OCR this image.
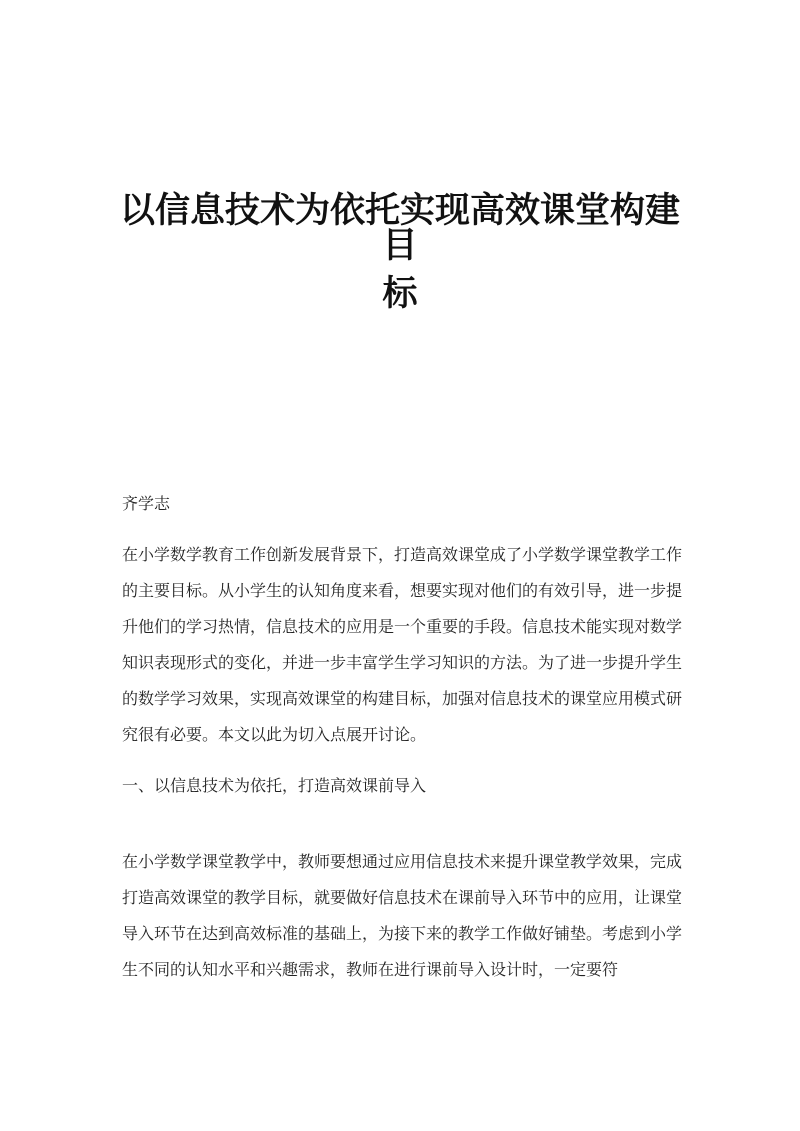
以信息技术为依托实现高效课堂构建目
标
齐学志

在小学数学教育工作创新发展背景下，打造高效课堂成了小学数学课堂教学工作的主要目标。从小学生的认知角度来看，想要实现对他们的有效引导，进一步提升他们的学习热情，信息技术的应用是一个重要的手段。信息技术能实现对数学知识表现形式的变化，并进一步丰富学生学习知识的方法。为了进一步提升学生的数学学习效果，实现高效课堂的构建目标，加强对信息技术的课堂应用模式研究很有必要。本文以此为切入点展开讨论。

一、以信息技术为依托，打造高效课前导入

在小学数学课堂教学中，教师要想通过应用信息技术来提升课堂教学效果，完成打造高效课堂的教学目标，就要做好信息技术在课前导入环节中的应用，让课堂导入环节在达到高效标准的基础上，为接下来的教学工作做好铺垫。考虑到小学生不同的认知水平和兴趣需求，教师在进行课前导入设计时，一定要符
